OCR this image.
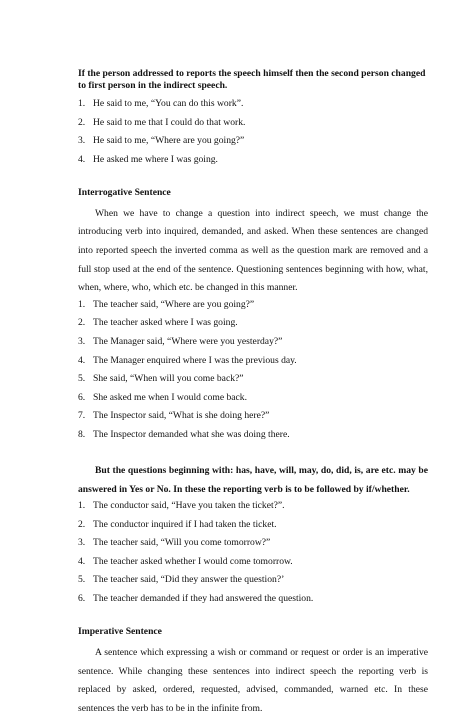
If the person addressed to reports the speech himself then the second person changed to first person in the indirect speech.

1. He said to me, “You can do this work”.
2. He said to me that I could do that work.
3. He said to me, “Where are you going?”
4. He asked me where I was going.
Interrogative Sentence

When we have to change a question into indirect speech, we must change the introducing verb into inquired, demanded, and asked. When these sentences are changed into reported speech the inverted comma as well as the question mark are removed and a full stop used at the end of the sentence. Questioning sentences beginning with how, what, when, where, who, which etc. be changed in this manner.

1. The teacher said, “Where are you going?”
2. The teacher asked where I was going.
3. The Manager said, “Where were you yesterday?”
4. The Manager enquired where I was the previous day.
5. She said, “When will you come back?”
6. She asked me when I would come back.
7. The Inspector said, “What is she doing here?”
8. The Inspector demanded what she was doing there.

But the questions beginning with: has, have, will, may, do, did, is, are etc. may be answered in Yes or No. In these the reporting verb is to be followed by if/whether.

1. The conductor said, “Have you taken the ticket?”.
2. The conductor inquired if I had taken the ticket.
3. The teacher said, “Will you come tomorrow?”
4. The teacher asked whether I would come tomorrow.
5. The teacher said, “Did they answer the question?’
6. The teacher demanded if they had answered the question.
Imperative Sentence

A sentence which expressing a wish or command or request or order is an imperative sentence. While changing these sentences into indirect speech the reporting verb is replaced by asked, ordered, requested, advised, commanded, warned etc. In these sentences the verb has to be in the infinite from.
